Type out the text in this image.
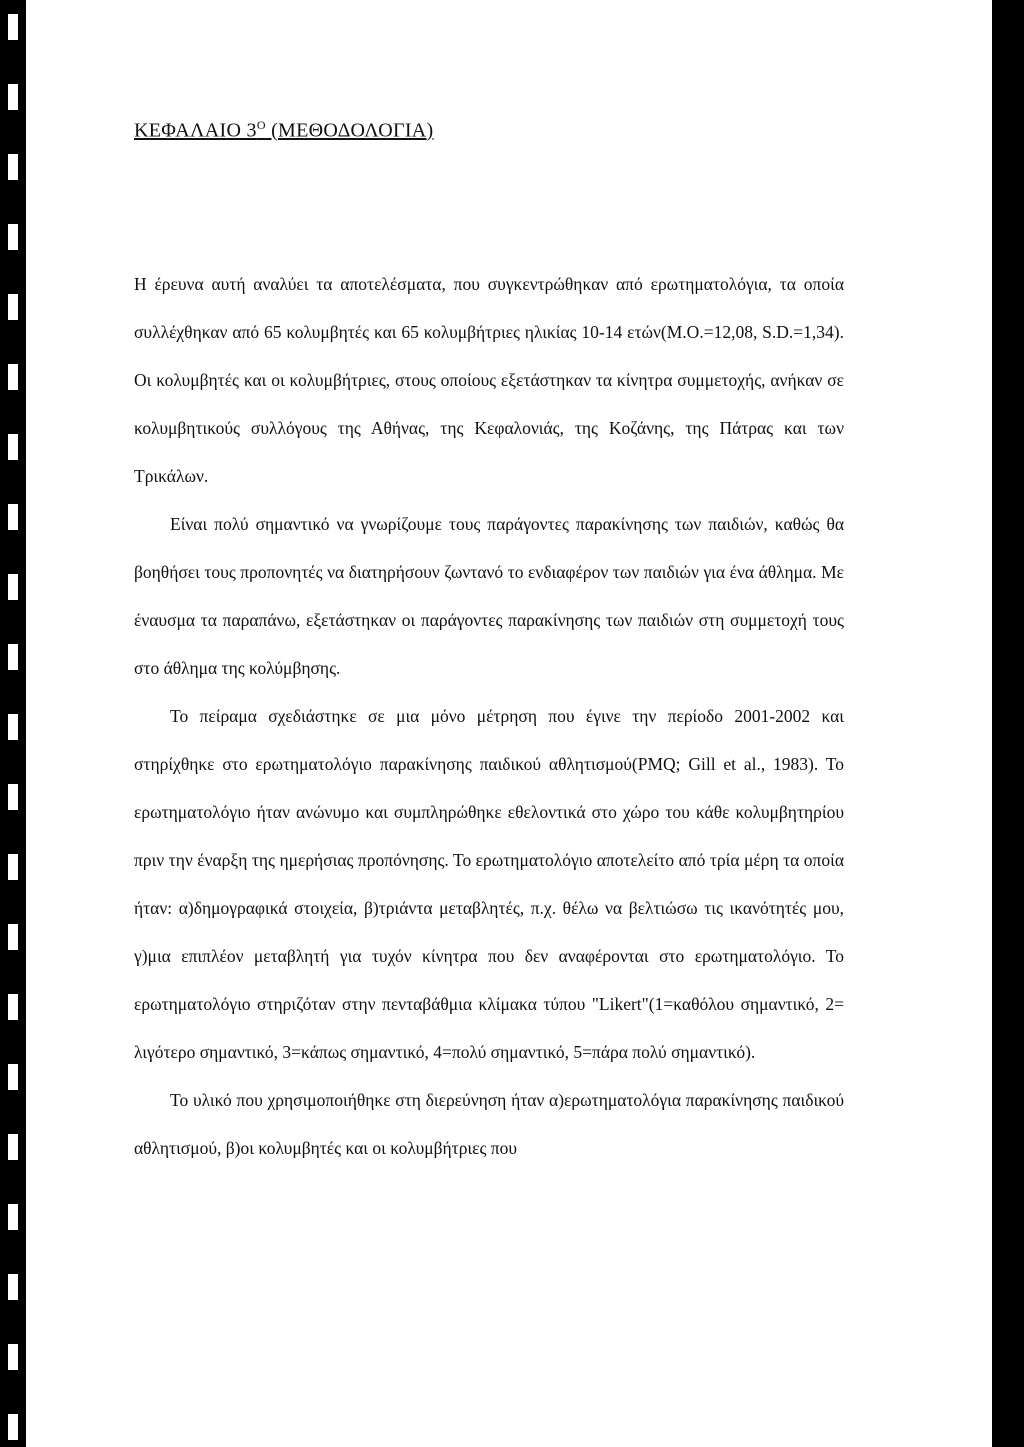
ΚΕΦΑΛΑΙΟ $3^O$ (ΜΕΘΟΔΟΛΟΓΙΑ)

Η έρευνα αυτή αναλύει τα αποτελέσματα, που συγκεντρώθηκαν από ερωτηματολόγια, τα οποία συλλέχθηκαν από 65 κολυμβητές και 65 κολυμβήτριες ηλικίας 10-14 ετών(Μ.Ο.=12,08, S.D.=1,34). Οι κολυμβητές και οι κολυμβήτριες, στους οποίους εξετάστηκαν τα κίνητρα συμμετοχής, ανήκαν σε κολυμβητικούς συλλόγους της Αθήνας, της Κεφαλονιάς, της Κοζάνης, της Πάτρας και των Τρικάλων.

Είναι πολύ σημαντικό να γνωρίζουμε τους παράγοντες παρακίνησης των παιδιών, καθώς θα βοηθήσει τους προπονητές να διατηρήσουν ζωντανό το ενδιαφέρον των παιδιών για ένα άθλημα. Με έναυσμα τα παραπάνω, εξετάστηκαν οι παράγοντες παρακίνησης των παιδιών στη συμμετοχή τους στο άθλημα της κολύμβησης.

Το πείραμα σχεδιάστηκε σε μια μόνο μέτρηση που έγινε την περίοδο 2001-2002 και στηρίχθηκε στο ερωτηματολόγιο παρακίνησης παιδικού αθλητισμού(PMQ; Gill et al., 1983). Το ερωτηματολόγιο ήταν ανώνυμο και συμπληρώθηκε εθελοντικά στο χώρο του κάθε κολυμβητηρίου πριν την έναρξη της ημερήσιας προπόνησης. Το ερωτηματολόγιο αποτελείτο από τρία μέρη τα οποία ήταν: α)δημογραφικά στοιχεία, β)τριάντα μεταβλητές, π.χ. θέλω να βελτιώσω τις ικανότητές μου, γ)μια επιπλέον μεταβλητή για τυχόν κίνητρα που δεν αναφέρονται στο ερωτηματολόγιο. Το ερωτηματολόγιο στηριζόταν στην πενταβάθμια κλίμακα τύπου "Likert"(1=καθόλου σημαντικό, 2= λιγότερο σημαντικό, 3=κάπως σημαντικό, 4=πολύ σημαντικό, 5=πάρα πολύ σημαντικό).

Το υλικό που χρησιμοποιήθηκε στη διερεύνηση ήταν α)ερωτηματολόγια παρακίνησης παιδικού αθλητισμού, β)οι κολυμβητές και οι κολυμβήτριες που
